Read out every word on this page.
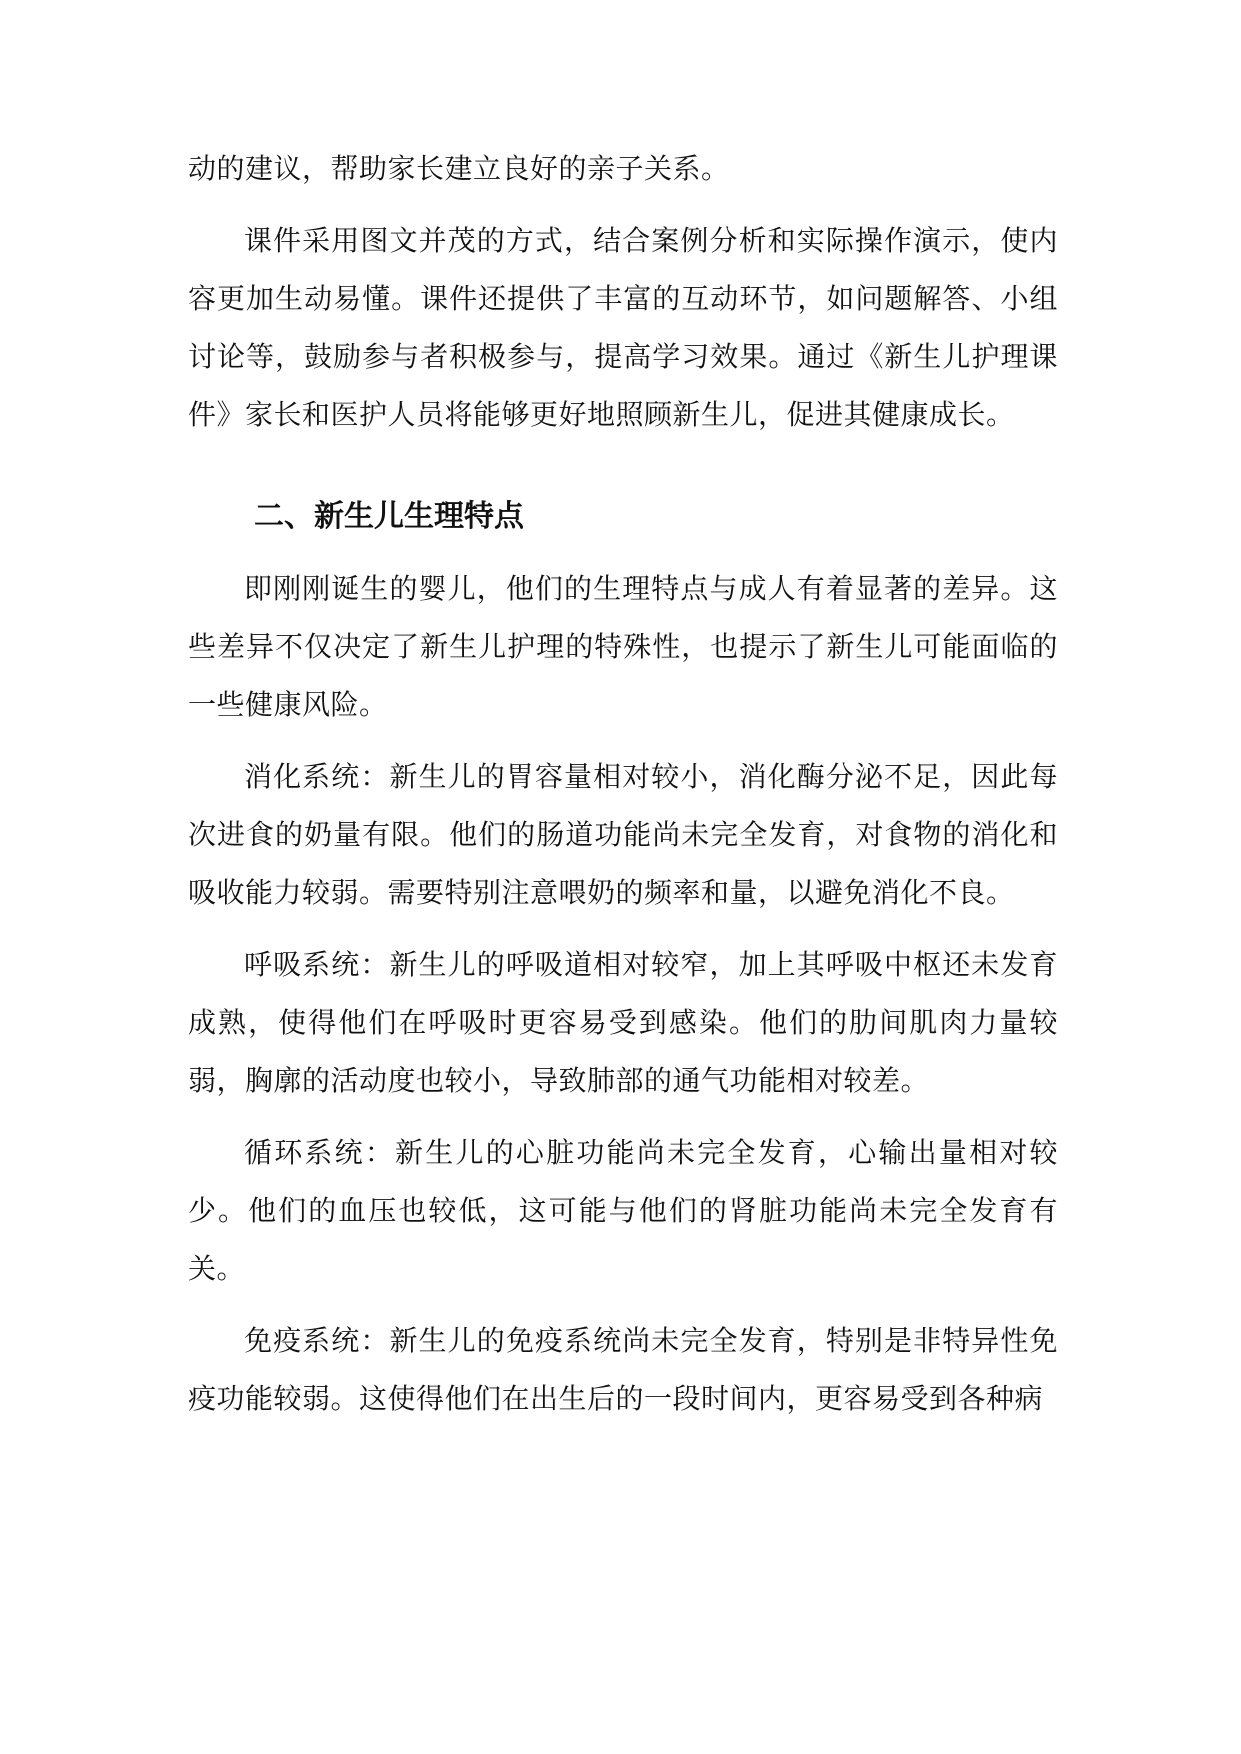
动的建议，帮助家长建立良好的亲子关系。

课件采用图文并茂的方式，结合案例分析和实际操作演示，使内容更加生动易懂。课件还提供了丰富的互动环节，如问题解答、小组讨论等，鼓励参与者积极参与，提高学习效果。通过《新生儿护理课件》家长和医护人员将能够更好地照顾新生儿，促进其健康成长。

二、新生儿生理特点

即刚刚诞生的婴儿，他们的生理特点与成人有着显著的差异。这些差异不仅决定了新生儿护理的特殊性，也提示了新生儿可能面临的一些健康风险。

消化系统：新生儿的胃容量相对较小，消化酶分泌不足，因此每次进食的奶量有限。他们的肠道功能尚未完全发育，对食物的消化和吸收能力较弱。需要特别注意喂奶的频率和量，以避免消化不良。

呼吸系统：新生儿的呼吸道相对较窄，加上其呼吸中枢还未发育成熟，使得他们在呼吸时更容易受到感染。他们的肋间肌肉力量较弱，胸廓的活动度也较小，导致肺部的通气功能相对较差。

循环系统：新生儿的心脏功能尚未完全发育，心输出量相对较少。他们的血压也较低，这可能与他们的肾脏功能尚未完全发育有关。

免疫系统：新生儿的免疫系统尚未完全发育，特别是非特异性免疫功能较弱。这使得他们在出生后的一段时间内，更容易受到各种病
